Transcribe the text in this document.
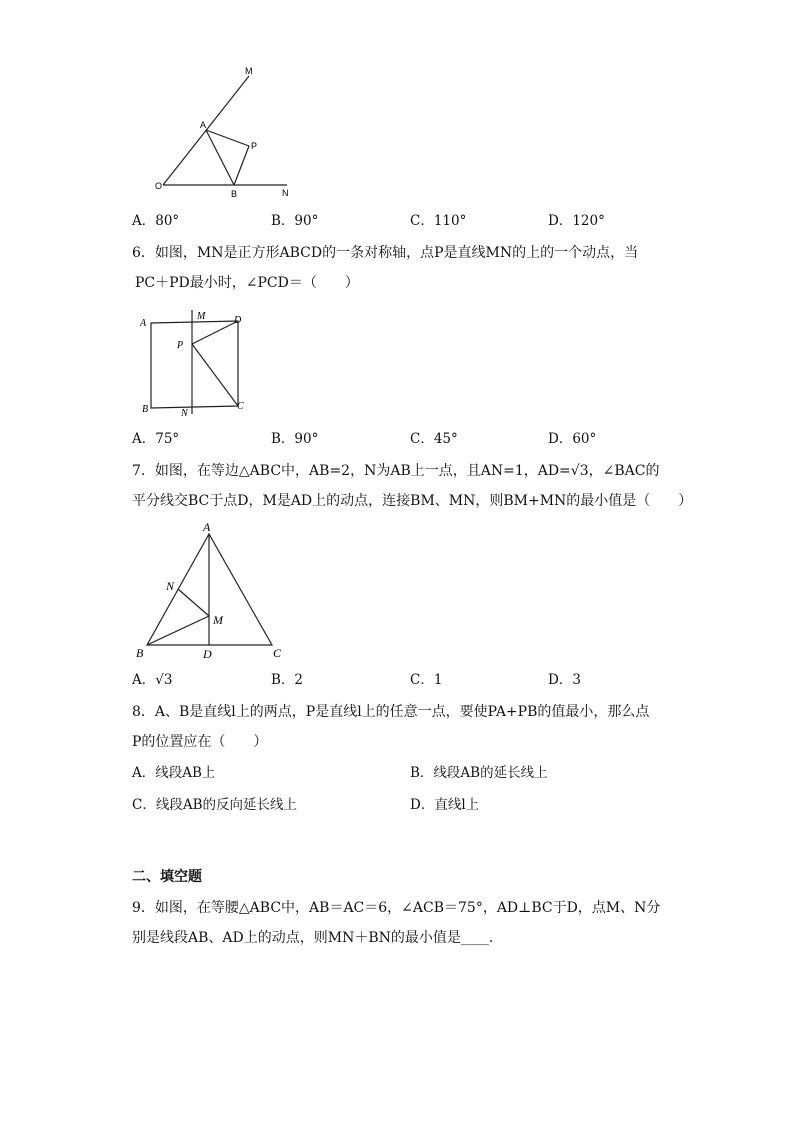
M
A
P
O
B	N
A．80°	B．90°	C．110°	D．120°
6．如图，MN是正方形ABCD的一条对称轴，点P是直线MN的上的一个动点，当
PC＋PD最小时，∠PCD＝（　　）
A
M	D
P
B	N
C
A．75°	B．90°	C．45°	D．60°
7．如图，在等边△ABC中，AB=2，N为AB上一点，且AN=1，AD=√3，∠BAC的
平分线交BC于点D，M是AD上的动点，连接BM、MN，则BM+MN的最小值是（　　）
A
N
M
B	D	C
A．√3	B．2	C．1	D．3
8．A、B是直线l上的两点，P是直线l上的任意一点，要使PA+PB的值最小，那么点
P的位置应在（　　）
A．线段AB上	B．线段AB的延长线上
C．线段AB的反向延长线上	D．直线l上
二、填空题
9．如图，在等腰△ABC中，AB＝AC＝6，∠ACB＝75°，AD⊥BC于D，点M、N分
别是线段AB、AD上的动点，则MN＋BN的最小值是____．
